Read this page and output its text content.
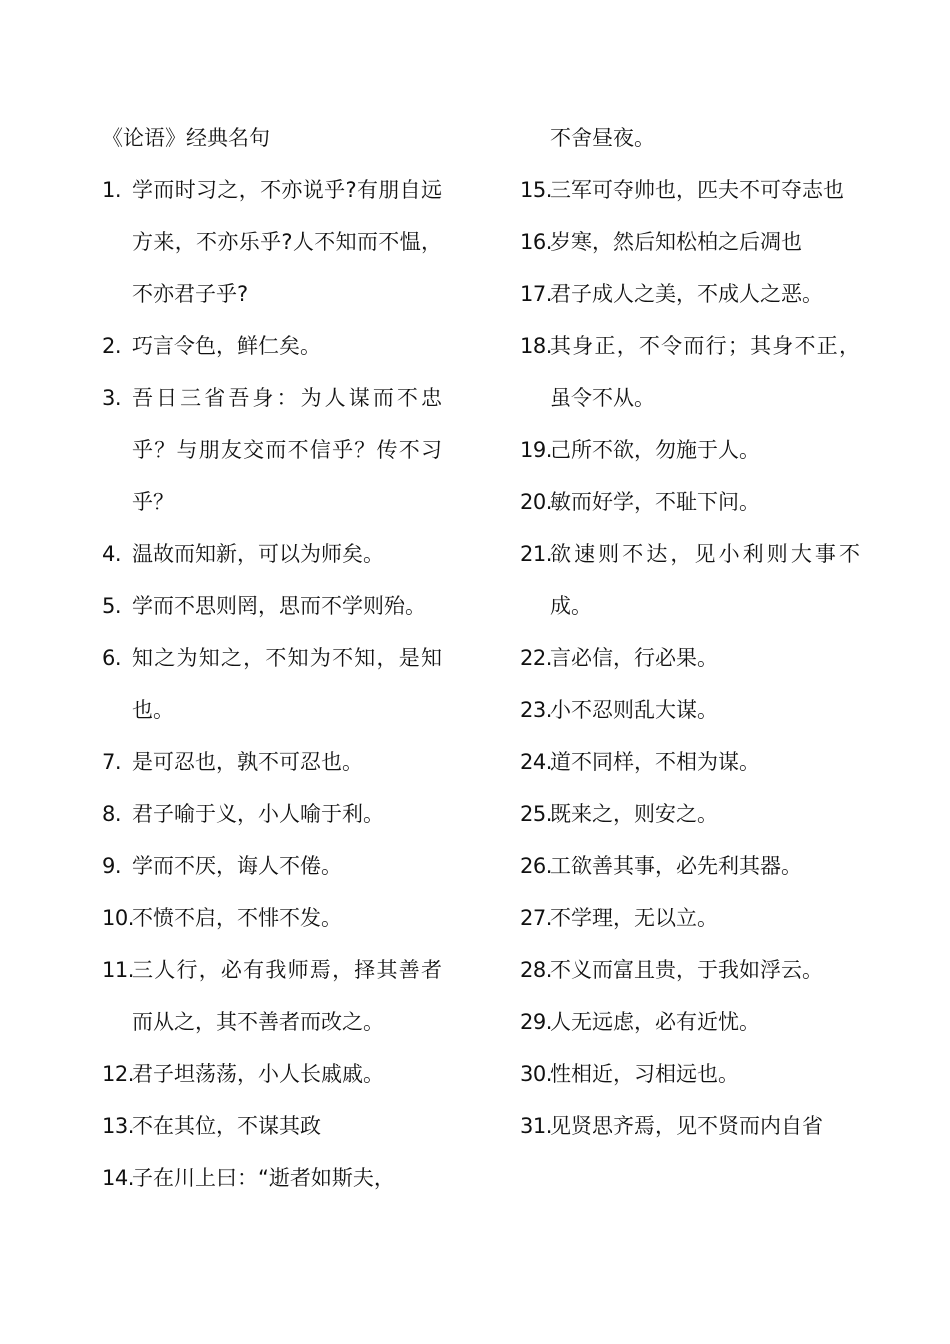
《论语》经典名句
1. 学而时习之，不亦说乎?有朋自远方来，不亦乐乎?人不知而不愠，不亦君子乎?
2. 巧言令色，鲜仁矣。
3. 吾日三省吾身：为人谋而不忠乎？与朋友交而不信乎？传不习乎？
4. 温故而知新，可以为师矣。
5. 学而不思则罔，思而不学则殆。
6. 知之为知之，不知为不知，是知也。
7. 是可忍也，孰不可忍也。
8. 君子喻于义，小人喻于利。
9. 学而不厌，诲人不倦。
10.
不愤不启，不悱不发。
11.
三人行，必有我师焉，择其善者而从之，其不善者而改之。
12.
君子坦荡荡，小人长戚戚。
13.
不在其位，不谋其政
14.
子在川上曰：“逝者如斯夫，
不舍昼夜。
15.
三军可夺帅也，匹夫不可夺志也
16.
岁寒，然后知松柏之后凋也
17.
君子成人之美，不成人之恶。
18.
其身正，不令而行；其身不正，虽令不从。
19.
己所不欲，勿施于人。
20.
敏而好学，不耻下问。
21.
欲速则不达，见小利则大事不成。
22.
言必信，行必果。
23.
小不忍则乱大谋。
24.
道不同样，不相为谋。
25.
既来之，则安之。
26.
工欲善其事，必先利其器。
27.
不学理，无以立。
28.
不义而富且贵，于我如浮云。
29.
人无远虑，必有近忧。
30.
性相近，习相远也。
31.
见贤思齐焉，见不贤而内自省
